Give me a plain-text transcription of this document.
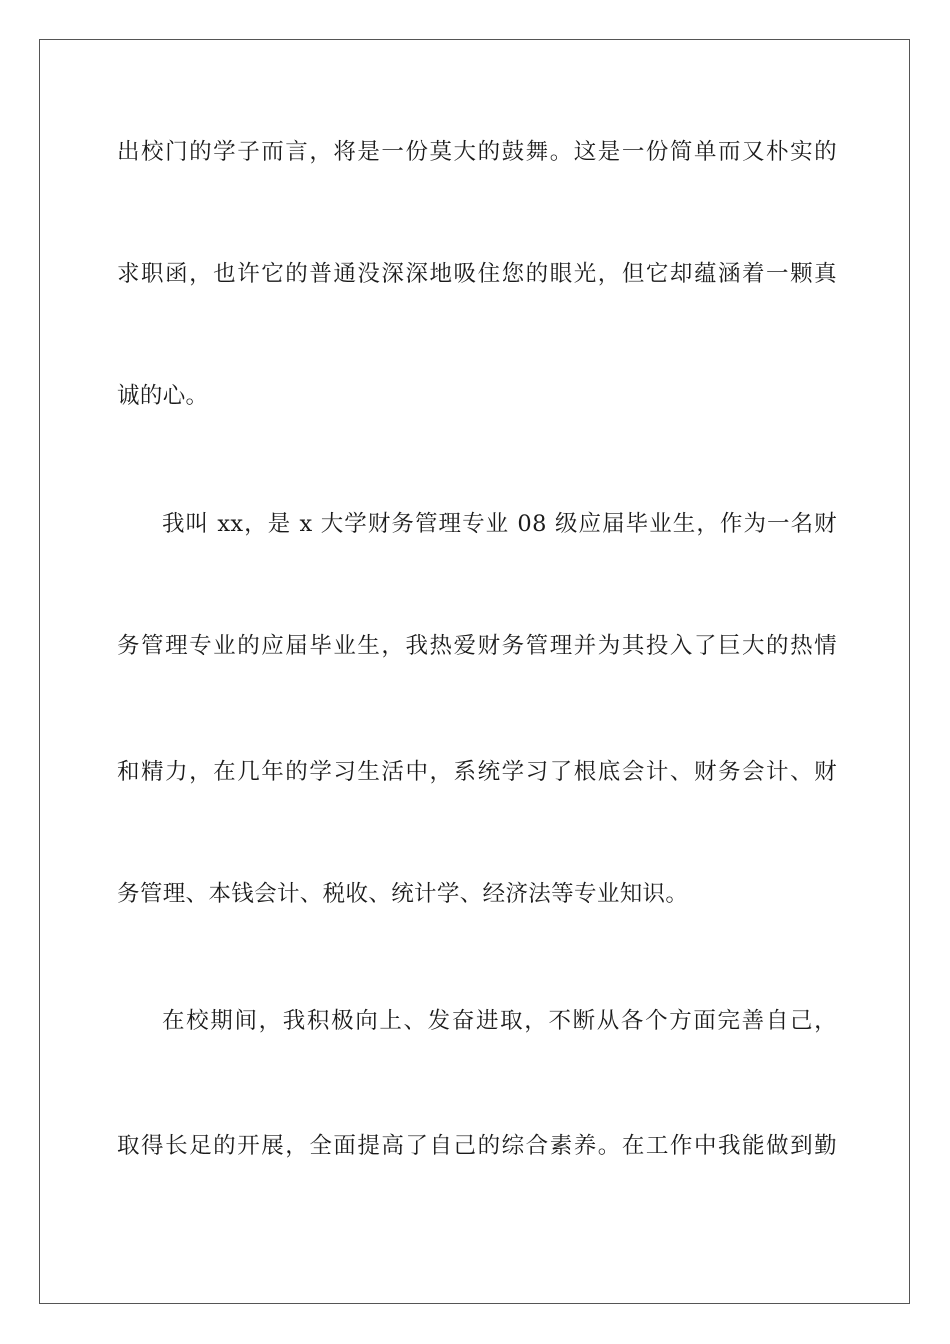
出校门的学子而言，将是一份莫大的鼓舞。这是一份简单而又朴实的
求职函，也许它的普通没深深地吸住您的眼光，但它却蕴涵着一颗真
诚的心。
我叫 xx，是 x 大学财务管理专业 08 级应届毕业生，作为一名财
务管理专业的应届毕业生，我热爱财务管理并为其投入了巨大的热情
和精力，在几年的学习生活中，系统学习了根底会计、财务会计、财
务管理、本钱会计、税收、统计学、经济法等专业知识。
在校期间，我积极向上、发奋进取，不断从各个方面完善自己，
取得长足的开展，全面提高了自己的综合素养。在工作中我能做到勤
